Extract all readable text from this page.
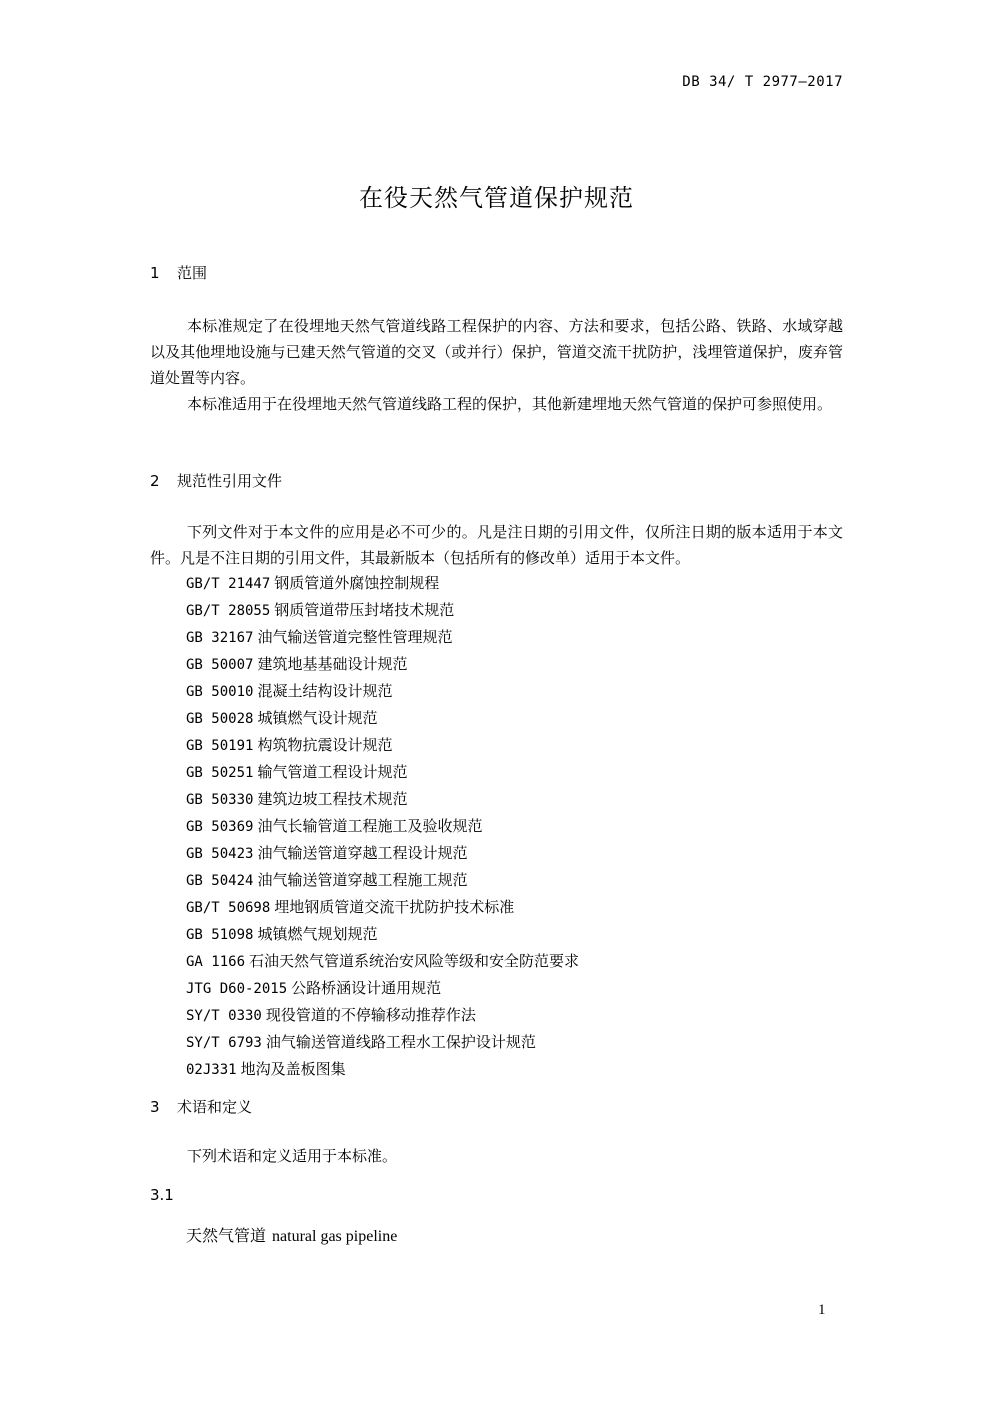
DB 34/ T 2977—2017
在役天然气管道保护规范
1 范围

本标准规定了在役埋地天然气管道线路工程保护的内容、方法和要求，包括公路、铁路、水域穿越以及其他埋地设施与已建天然气管道的交叉（或并行）保护，管道交流干扰防护，浅埋管道保护，废弃管道处置等内容。

本标准适用于在役埋地天然气管道线路工程的保护，其他新建埋地天然气管道的保护可参照使用。

2 规范性引用文件

下列文件对于本文件的应用是必不可少的。凡是注日期的引用文件，仅所注日期的版本适用于本文件。凡是不注日期的引用文件，其最新版本（包括所有的修改单）适用于本文件。

GB/T 21447 钢质管道外腐蚀控制规程
GB/T 28055 钢质管道带压封堵技术规范
GB 32167 油气输送管道完整性管理规范
GB 50007 建筑地基基础设计规范
GB 50010 混凝土结构设计规范
GB 50028 城镇燃气设计规范
GB 50191 构筑物抗震设计规范
GB 50251 输气管道工程设计规范
GB 50330 建筑边坡工程技术规范
GB 50369 油气长输管道工程施工及验收规范
GB 50423 油气输送管道穿越工程设计规范
GB 50424 油气输送管道穿越工程施工规范
GB/T 50698 埋地钢质管道交流干扰防护技术标准
GB 51098 城镇燃气规划规范
GA 1166 石油天然气管道系统治安风险等级和安全防范要求
JTG D60-2015 公路桥涵设计通用规范
SY/T 0330 现役管道的不停输移动推荐作法
SY/T 6793 油气输送管道线路工程水工保护设计规范
02J331 地沟及盖板图集
3 术语和定义

下列术语和定义适用于本标准。

3.1
天然气管道 natural gas pipeline
1
